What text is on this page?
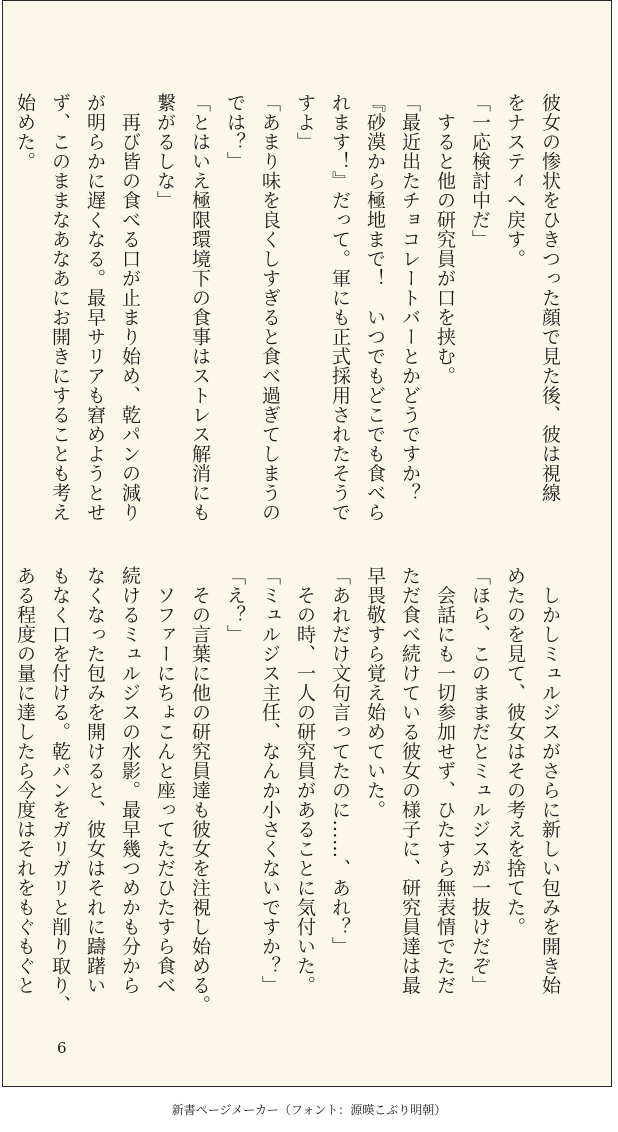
彼女の惨状をひきつった顔で見た後、彼は視線
をナスティへ戻す。
「一応検討中だ」
　すると他の研究員が口を挟む。
「最近出たチョコレートバーとかどうですか？
『砂漠から極地まで！　いつでもどこでも食べら
れます！』だって。軍にも正式採用されたそうで
すよ」
「あまり味を良くしすぎると食べ過ぎてしまうの
では？」
「とはいえ極限環境下の食事はストレス解消にも
繋がるしな」
　再び皆の食べる口が止まり始め、乾パンの減り
が明らかに遅くなる。最早サリアも窘めようとせ
ず、このままなあなあにお開きにすることも考え
始めた。
　しかしミュルジスがさらに新しい包みを開き始
めたのを見て、彼女はその考えを捨てた。
「ほら、このままだとミュルジスが一抜けだぞ」
　会話にも一切参加せず、ひたすら無表情でただ
ただ食べ続けている彼女の様子に、研究員達は最
早畏敬すら覚え始めていた。
「あれだけ文句言ってたのに……、あれ？」
　その時、一人の研究員があることに気付いた。
「ミュルジス主任、なんか小さくないですか？」
「え？」
　その言葉に他の研究員達も彼女を注視し始める。
　ソファーにちょこんと座ってただひたすら食べ
続けるミュルジスの水影。最早幾つめかも分から
なくなった包みを開けると、彼女はそれに躊躇い
もなく口を付ける。乾パンをガリガリと削り取り、
ある程度の量に達したら今度はそれをもぐもぐと
6
新書ページメーカー（フォント：源暎こぶり明朝）
